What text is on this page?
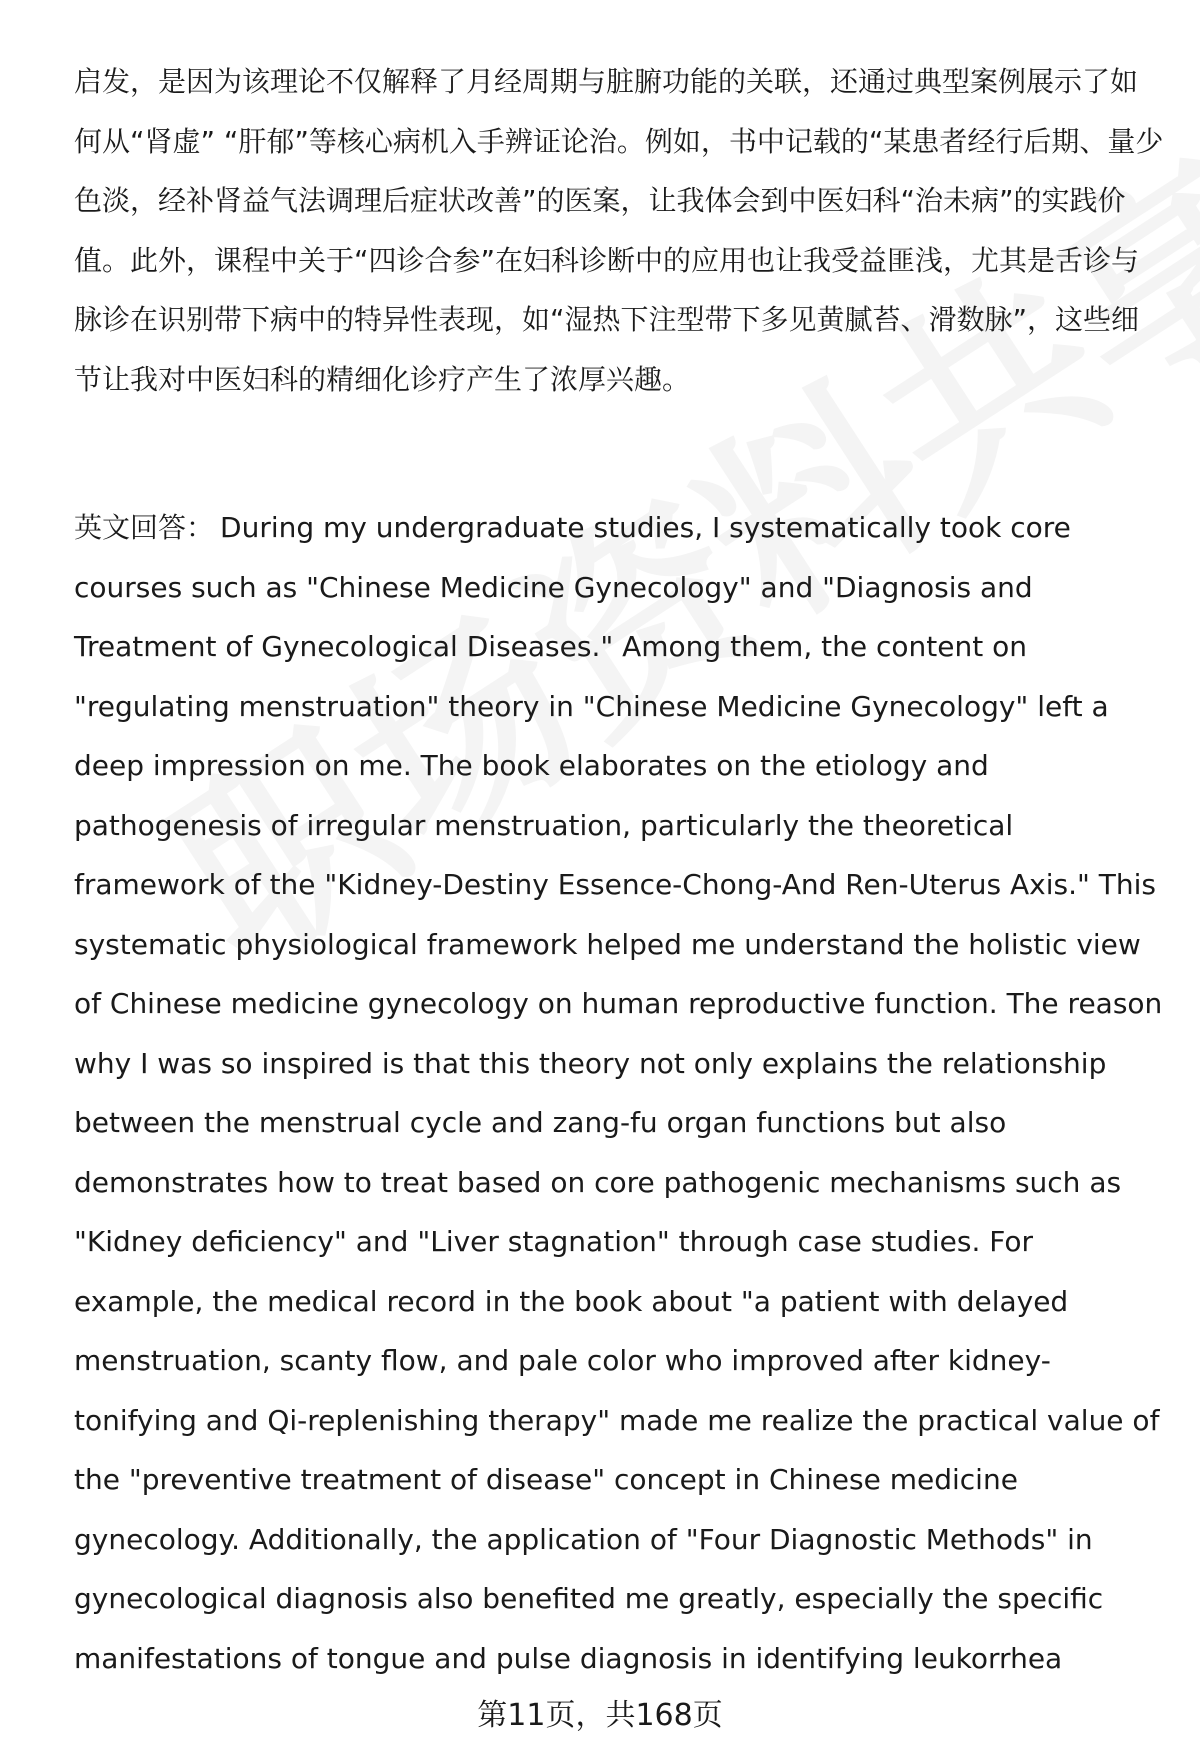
启发，是因为该理论不仅解释了月经周期与脏腑功能的关联，还通过典型案例展示了如何从“肾虚” “肝郁”等核心病机入手辨证论治。例如，书中记载的“某患者经行后期、量少色淡，经补肾益气法调理后症状改善”的医案，让我体会到中医妇科“治未病”的实践价值。此外，课程中关于“四诊合参”在妇科诊断中的应用也让我受益匪浅，尤其是舌诊与脉诊在识别带下病中的特异性表现，如“湿热下注型带下多见黄腻苔、滑数脉”，这些细节让我对中医妇科的精细化诊疗产生了浓厚兴趣。

英文回答： During my undergraduate studies, I systematically took core courses such as "Chinese Medicine Gynecology" and "Diagnosis and Treatment of Gynecological Diseases." Among them, the content on "regulating menstruation" theory in "Chinese Medicine Gynecology" left a deep impression on me. The book elaborates on the etiology and pathogenesis of irregular menstruation, particularly the theoretical framework of the "Kidney-Destiny Essence-Chong-And Ren-Uterus Axis." This systematic physiological framework helped me understand the holistic view of Chinese medicine gynecology on human reproductive function. The reason why I was so inspired is that this theory not only explains the relationship between the menstrual cycle and zang-fu organ functions but also demonstrates how to treat based on core pathogenic mechanisms such as "Kidney deficiency" and "Liver stagnation" through case studies. For example, the medical record in the book about "a patient with delayed menstruation, scanty flow, and pale color who improved after kidney-tonifying and Qi-replenishing therapy" made me realize the practical value of the "preventive treatment of disease" concept in Chinese medicine gynecology. Additionally, the application of "Four Diagnostic Methods" in gynecological diagnosis also benefited me greatly, especially the specific manifestations of tongue and pulse diagnosis in identifying leukorrhea

第11页，共168页
